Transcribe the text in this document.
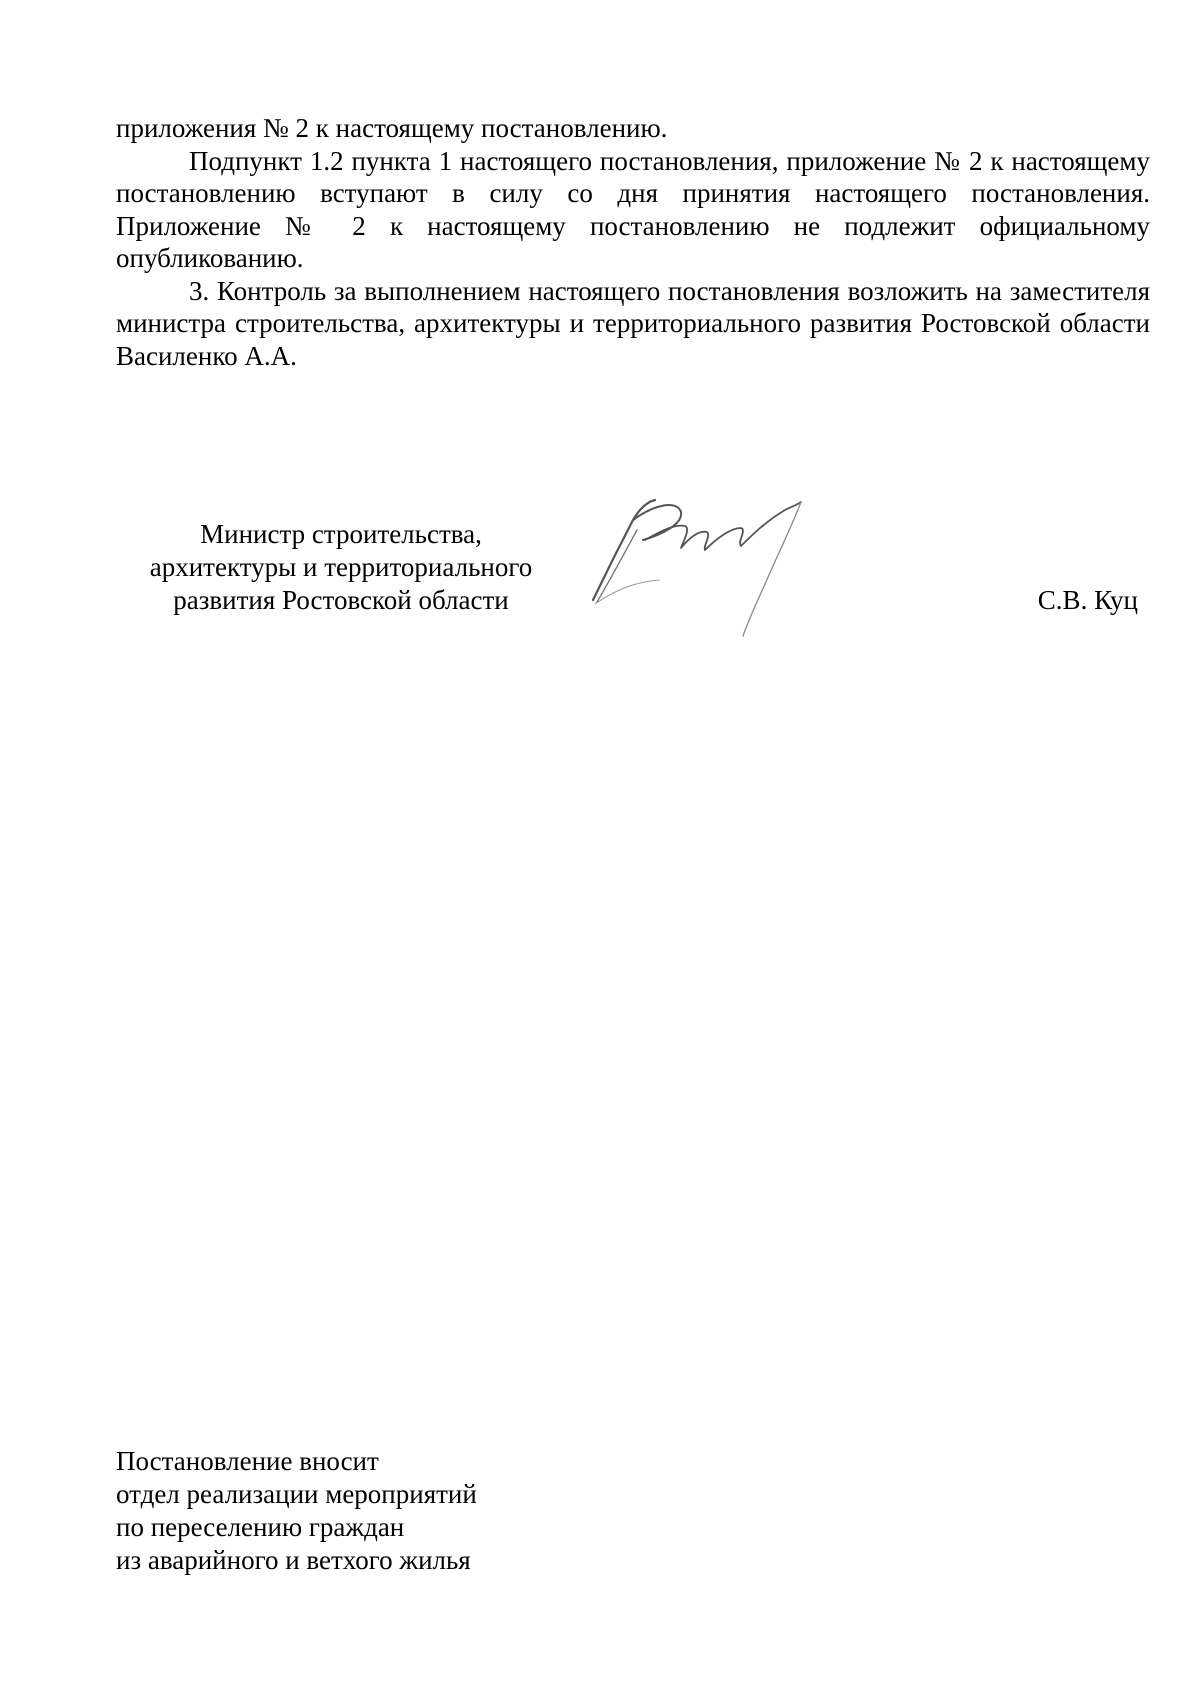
приложения № 2 к настоящему постановлению.

Подпункт 1.2 пункта 1 настоящего постановления, приложение № 2 к настоящему постановлению вступают в силу со дня принятия настоящего постановления. Приложение № 2 к настоящему постановлению не подлежит официальному опубликованию.

3. Контроль за выполнением настоящего постановления возложить на заместителя министра строительства, архитектуры и территориального развития Ростовской области Василенко А.А.

Министр строительства,
архитектуры и территориального
развития Ростовской области	С.В. Куц
Постановление вносит
отдел реализации мероприятий
по переселению граждан
из аварийного и ветхого жилья
